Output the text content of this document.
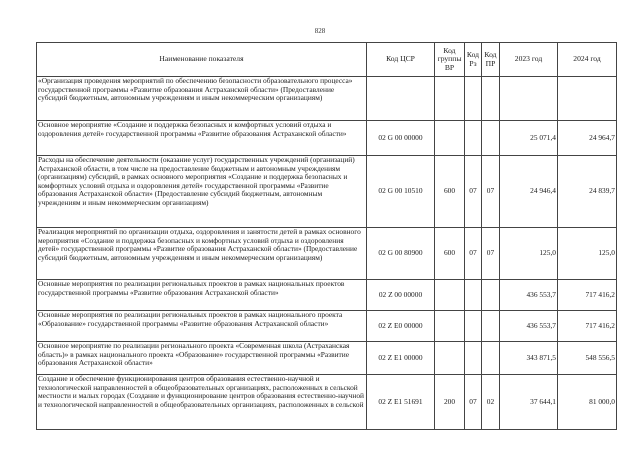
828
Наименование показателя	Код ЦСР	Код группы ВР	Код Рз	Код ПР	2023 год	2024 год
«Организация проведения мероприятий по обеспечению безопасности образовательного процесса» государственной программы «Развитие образования Астраханской области» (Предоставление субсидий бюджетным, автономным учреждениям и иным некоммерческим организациям)						
Основное мероприятие «Создание и поддержка безопасных и комфортных условий отдыха и оздоровления детей» государственной программы «Развитие образования Астраханской области»	02 G 00 00000				25 071,4	24 964,7
Расходы на обеспечение деятельности (оказание услуг) государственных учреждений (организаций) Астраханской области, в том числе на предоставление бюджетным и автономным учреждениям (организациям) субсидий, в рамках основного мероприятия «Создание и поддержка безопасных и комфортных условий отдыха и оздоровления детей» государственной программы «Развитие образования Астраханской области» (Предоставление субсидий бюджетным, автономным учреждениям и иным некоммерческим организациям)	02 G 00 10510	600	07	07	24 946,4	24 839,7
Реализация мероприятий по организации отдыха, оздоровления и занятости детей в рамках основного мероприятия «Создание и поддержка безопасных и комфортных условий отдыха и оздоровления детей» государственной программы «Развитие образования Астраханской области» (Предоставление субсидий бюджетным, автономным учреждениям и иным некоммерческим организациям)	02 G 00 80900	600	07	07	125,0	125,0
Основные мероприятия по реализации региональных проектов в рамках национальных проектов государственной программы «Развитие образования Астраханской области»	02 Z 00 00000				436 553,7	717 416,2
Основные мероприятия по реализации региональных проектов в рамках национального проекта «Образование» государственной программы «Развитие образования Астраханской области»	02 Z E0 00000				436 553,7	717 416,2
Основное мероприятие по реализации регионального проекта «Современная школа (Астраханская область)» в рамках национального проекта «Образование» государственной программы «Развитие образования Астраханской области»	02 Z E1 00000				343 871,5	548 556,5
Создание и обеспечение функционирования центров образования естественно-научной и технологической направленностей в общеобразовательных организациях, расположенных в сельской местности и малых городах (Создание и функционирование центров образования естественно-научной и технологической направленностей в общеобразовательных организациях, расположенных в сельской	02 Z E1 51691	200	07	02	37 644,1	81 000,0
